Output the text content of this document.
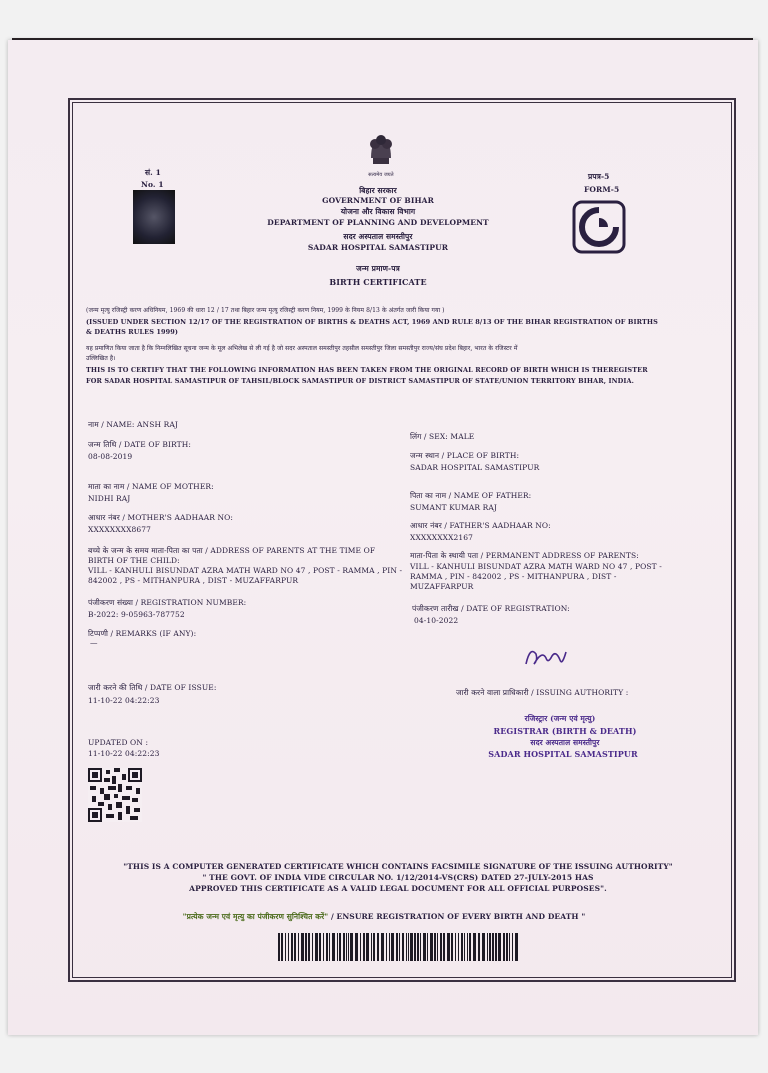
सत्यमेव जयते
सं. 1
No. 1
प्रपत्र-5
FORM-5
बिहार सरकार
GOVERNMENT OF BIHAR
योजना और विकास विभाग
DEPARTMENT OF PLANNING AND DEVELOPMENT
सदर अस्पताल समस्तीपुर
SADAR HOSPITAL SAMASTIPUR
जन्म प्रमाण-पत्र
BIRTH CERTIFICATE
(जन्म मृत्यु रजिस्ट्री करण अधिनियम, 1969 की धारा 12 / 17 तथा बिहार जन्म मृत्यु रजिस्ट्री करण नियम, 1999 के नियम 8/13 के अंतर्गत जारी किया गया )
(ISSUED UNDER SECTION 12/17 OF THE REGISTRATION OF BIRTHS & DEATHS ACT, 1969 AND RULE 8/13 OF THE BIHAR REGISTRATION OF BIRTHS
& DEATHS RULES 1999)
यह प्रमाणित किया जाता है कि निम्नलिखित सूचना जन्म के मूल अभिलेख से ली गई है जो सदर अस्पताल समस्तीपुर तहसील समस्तीपुर जिला समस्तीपुर राज्य/संघ प्रदेश बिहार, भारत के रजिस्टर में
उल्लिखित है।
THIS IS TO CERTIFY THAT THE FOLLOWING INFORMATION HAS BEEN TAKEN FROM THE ORIGINAL RECORD OF BIRTH WHICH IS THEREGISTER
FOR SADAR HOSPITAL SAMASTIPUR OF TAHSIL/BLOCK SAMASTIPUR OF DISTRICT SAMASTIPUR OF STATE/UNION TERRITORY BIHAR, INDIA.
नाम / NAME: ANSH RAJ
जन्म तिथि / DATE OF BIRTH:
08-08-2019
माता का नाम / NAME OF MOTHER:
NIDHI RAJ
आधार नंबर / MOTHER'S AADHAAR NO:
XXXXXXXX8677
बच्चे के जन्म के समय माता-पिता का पता / ADDRESS OF PARENTS AT THE TIME OF
BIRTH OF THE CHILD:
VILL - KANHULI BISUNDAT AZRA MATH WARD NO 47 , POST - RAMMA , PIN - 842002 , PS - MITHANPURA , DIST - MUZAFFARPUR
पंजीकरण संख्या / REGISTRATION NUMBER:
B-2022: 9-05963-787752
टिप्पणी / REMARKS (IF ANY):
—
जारी करने की तिथि / DATE OF ISSUE:
11-10-22 04:22:23
UPDATED ON :
11-10-22 04:22:23
लिंग / SEX: MALE
जन्म स्थान / PLACE OF BIRTH:
SADAR HOSPITAL SAMASTIPUR
पिता का नाम / NAME OF FATHER:
SUMANT KUMAR RAJ
आधार नंबर / FATHER'S AADHAAR NO:
XXXXXXXX2167
माता-पिता के स्थायी पता / PERMANENT ADDRESS OF PARENTS:
VILL - KANHULI BISUNDAT AZRA MATH WARD NO 47 , POST - RAMMA , PIN - 842002 , PS - MITHANPURA , DIST - MUZAFFARPUR
पंजीकरण तारीख / DATE OF REGISTRATION:
04-10-2022
जारी करने वाला प्राधिकारी / ISSUING AUTHORITY :
रजिस्ट्रार (जन्म एवं मृत्यु)
REGISTRAR (BIRTH & DEATH)
सदर अस्पताल समस्तीपुर
SADAR HOSPITAL SAMASTIPUR
"THIS IS A COMPUTER GENERATED CERTIFICATE WHICH CONTAINS FACSIMILE SIGNATURE OF THE ISSUING AUTHORITY"
" THE GOVT. OF INDIA VIDE CIRCULAR NO. 1/12/2014-VS(CRS) DATED 27-JULY-2015 HAS
APPROVED THIS CERTIFICATE AS A VALID LEGAL DOCUMENT FOR ALL OFFICIAL PURPOSES".
"प्रत्येक जन्म एवं मृत्यु का पंजीकरण सुनिश्चित करें" / ENSURE REGISTRATION OF EVERY BIRTH AND DEATH "
